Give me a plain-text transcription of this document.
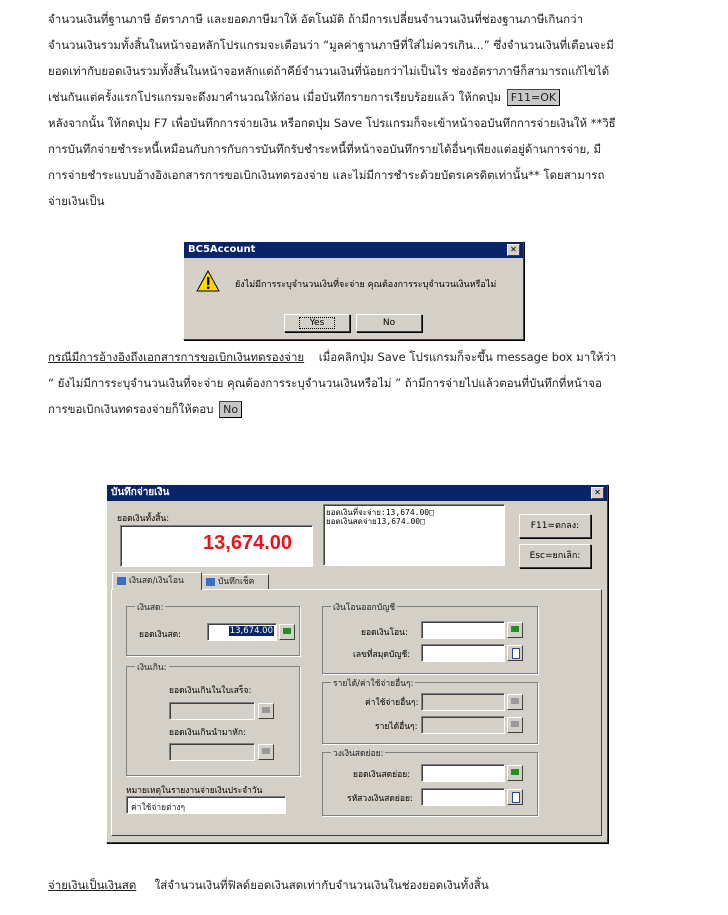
จำนวนเงินที่ฐานภาษี อัตราภาษี และยอดภาษีมาให้ อัตโนมัติ ถ้ามีการเปลี่ยนจำนวนเงินที่ช่องฐานภาษีเกินกว่า
จำนวนเงินรวมทั้งสิ้นในหน้าจอหลักโปรแกรมจะเตือนว่า “มูลค่าฐานภาษีที่ใส่ไม่ควรเกิน...” ซึ่งจำนวนเงินที่เตือนจะมี
ยอดเท่ากับยอดเงินรวมทั้งสิ้นในหน้าจอหลักแต่ถ้าคีย์จำนวนเงินที่น้อยกว่าไม่เป็นไร ช่องอัตราภาษีก็สามารถแก้ไขได้
เช่นกันแต่ครั้งแรกโปรแกรมจะดึงมาคำนวณให้ก่อน เมื่อบันทึกรายการเรียบร้อยแล้ว ให้กดปุ่ม F11=OK
หลังจากนั้น ให้กดปุ่ม F7 เพื่อบันทึกการจ่ายเงิน หรือกดปุ่ม Save โปรแกรมก็จะเข้าหน้าจอบันทึกการจ่ายเงินให้ **วิธี
การบันทึกจ่ายชำระหนี้เหมือนกับการกับการบันทึกรับชำระหนี้ที่หน้าจอบันทึกรายได้อื่นๆเพียงแต่อยู่ด้านการจ่าย, มี
การจ่ายชำระแบบอ้างอิงเอกสารการขอเบิกเงินทดรองจ่าย และไม่มีการชำระด้วยบัตรเครดิตเท่านั้น** โดยสามารถ
จ่ายเงินเป็น
BC5Account	✕
ยังไม่มีการระบุจำนวนเงินที่จะจ่าย คุณต้องการระบุจำนวนเงินหรือไม่
Yes	No
กรณีมีการอ้างอิงถึงเอกสารการขอเบิกเงินทดรองจ่าย เมื่อคลิกปุ่ม Save โปรแกรมก็จะขึ้น message box มาให้ว่า
“ ยังไม่มีการระบุจำนวนเงินที่จะจ่าย คุณต้องการระบุจำนวนเงินหรือไม่ ” ถ้ามีการจ่ายไปแล้วตอนที่บันทึกที่หน้าจอ
การขอเบิกเงินทดรองจ่ายก็ให้ตอบ No
บันทึกจ่ายเงิน	✕
ยอดเงินทั้งสิ้น:
13,674.00
ยอดเงินที่จะจ่าย:13,674.00□
ยอดเงินสดจ่าย13,674.00□	F11=ตกลง:
Esc=ยกเลิก:
เงินสด/เงินโอน	บันทึกเช็ค
เงินสด:
ยอดเงินสด:	13,674.00
เงินเกิน:
ยอดเงินเกินในใบเสร็จ:
ยอดเงินเกินนำมาหัก:
หมายเหตุในรายงานจ่ายเงินประจำวัน
ค่าใช้จ่ายต่างๆ
เงินโอนออกบัญชี
ยอดเงินโอน:
เลขที่สมุดบัญชี:
รายได้/ค่าใช้จ่ายอื่นๆ:
ค่าใช้จ่ายอื่นๆ:
รายได้อื่นๆ:
วงเงินสดย่อย:
ยอดเงินสดย่อย:
รหัสวงเงินสดย่อย:
จ่ายเงินเป็นเงินสด ใส่จำนวนเงินที่ฟิลด์ยอดเงินสดเท่ากับจำนวนเงินในช่องยอดเงินทั้งสิ้น
